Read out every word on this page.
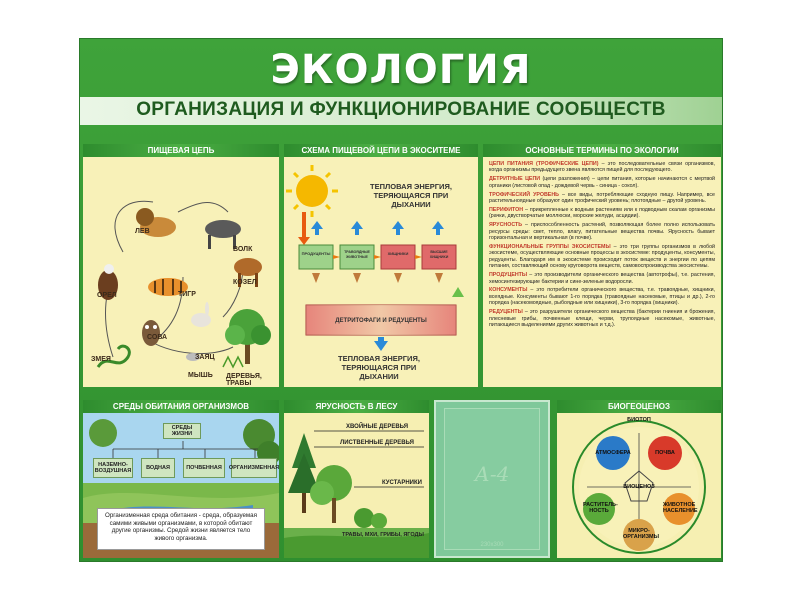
ЭКОЛОГИЯ
ОРГАНИЗАЦИЯ И ФУНКЦИОНИРОВАНИЕ СООБЩЕСТВ
ПИЩЕВАЯ ЦЕПЬ
ЛЕВ
ВОЛК
ОРЕЛ
КОЗЕЛ
ТИГР
СОВА
ЗАЯЦ
ЗМЕЯ
МЫШЬ ДЕРЕВЬЯ, ТРАВЫ
СХЕМА ПИЩЕВОЙ ЦЕПИ В ЭКОСИТЕМЕ
ТЕПЛОВАЯ ЭНЕРГИЯ, ТЕРЯЮЩАЯСЯ ПРИ ДЫХАНИИ
ПРОДУЦЕНТЫ	ТРАВОЯДНЫЕ ЖИВОТНЫЕ
ХИЩНИКИ	ВЫСШИЕ ХИЩНИКИ
ДЕТРИТОФАГИ И РЕДУЦЕНТЫ
ТЕПЛОВАЯ ЭНЕРГИЯ, ТЕРЯЮЩАЯСЯ ПРИ ДЫХАНИИ
ОСНОВНЫЕ ТЕРМИНЫ ПО ЭКОЛОГИИ

ЦЕПИ ПИТАНИЯ (ТРОФИЧЕСКИЕ ЦЕПИ) – это последовательные связи организмов, когда организмы предыдущего звена являются пищей для последующего.

ДЕТРИТНЫЕ ЦЕПИ (цепи разложения) – цепи питания, которые начинаются с мертвой органики (листовой опад - дождевой червь - синица - сокол).

ТРОФИЧЕСКИЙ УРОВЕНЬ – все виды, потребляющие сходную пищу. Например, все растительноядные образуют один трофический уровень; плотоядные – другой уровень.

ПЕРИФИТОН – прикрепленные к водным растениям или к подводным скалам организмы (рачки, двустворчатые моллюски, морские желуди, асцидии).

ЯРУСНОСТЬ – приспособленность растений, позволяющая более полно использовать ресурсы среды: свет, тепло, влагу, питательные вещества почвы. Ярусность бывает горизонтальная и вертикальная (в почве).

ФУНКЦИОНАЛЬНЫЕ ГРУППЫ ЭКОСИСТЕМЫ – это три группы организмов в любой экосистеме, осуществляющие основные процессы в экосистеме: продуценты, консументы, редуценты. Благодаря им в экосистеме происходит поток веществ и энергии по цепям питания, составляющий основу круговорота веществ, самовоспроизводства экосистемы.

ПРОДУЦЕНТЫ – это производители органического вещества (автотрофы), т.е. растения, хемосинтезирующие бактерии и сине-зеленые водоросли.

КОНСУМЕНТЫ – это потребители органического вещества, т.е. травоядные, хищники, всеядные. Консументы бывают 1-го порядка (травоядные насекомые, птицы и др.), 2-го порядка (насекомоядные, рыбоядные или хищники), 3-го порядка (хищники).

РЕДУЦЕНТЫ – это разрушители органического вещества (бактерии гниения и брожения, плесневые грибы, почвенные клещи, черви, трупоядные насекомые, животные, питающиеся выделениями других животных и т.д.).

СРЕДЫ ОБИТАНИЯ ОРГАНИЗМОВ
СРЕДЫ ЖИЗНИ
НАЗЕМНО-ВОЗДУШНАЯ	ВОДНАЯ	ПОЧВЕННАЯ	ОРГАНИЗМЕННАЯ
Организменная среда обитания - среда, образуемая самими живыми организмами, в которой обитают другие организмы. Средой жизни является тело живого организма.
ЯРУСНОСТЬ В ЛЕСУ
ХВОЙНЫЕ ДЕРЕВЬЯ
ЛИСТВЕННЫЕ ДЕРЕВЬЯ
КУСТАРНИКИ
ТРАВЫ, МХИ, ГРИБЫ, ЯГОДЫ
А-4
230х300
БИОГЕОЦЕНОЗ
БИОТОП
АТМОСФЕРА	ПОЧВА
БИОЦЕНОЗ
РАСТИТЕЛЬ-НОСТЬ
ЖИВОТНОЕ НАСЕЛЕНИЕ
МИКРО-ОРГАНИЗМЫ
